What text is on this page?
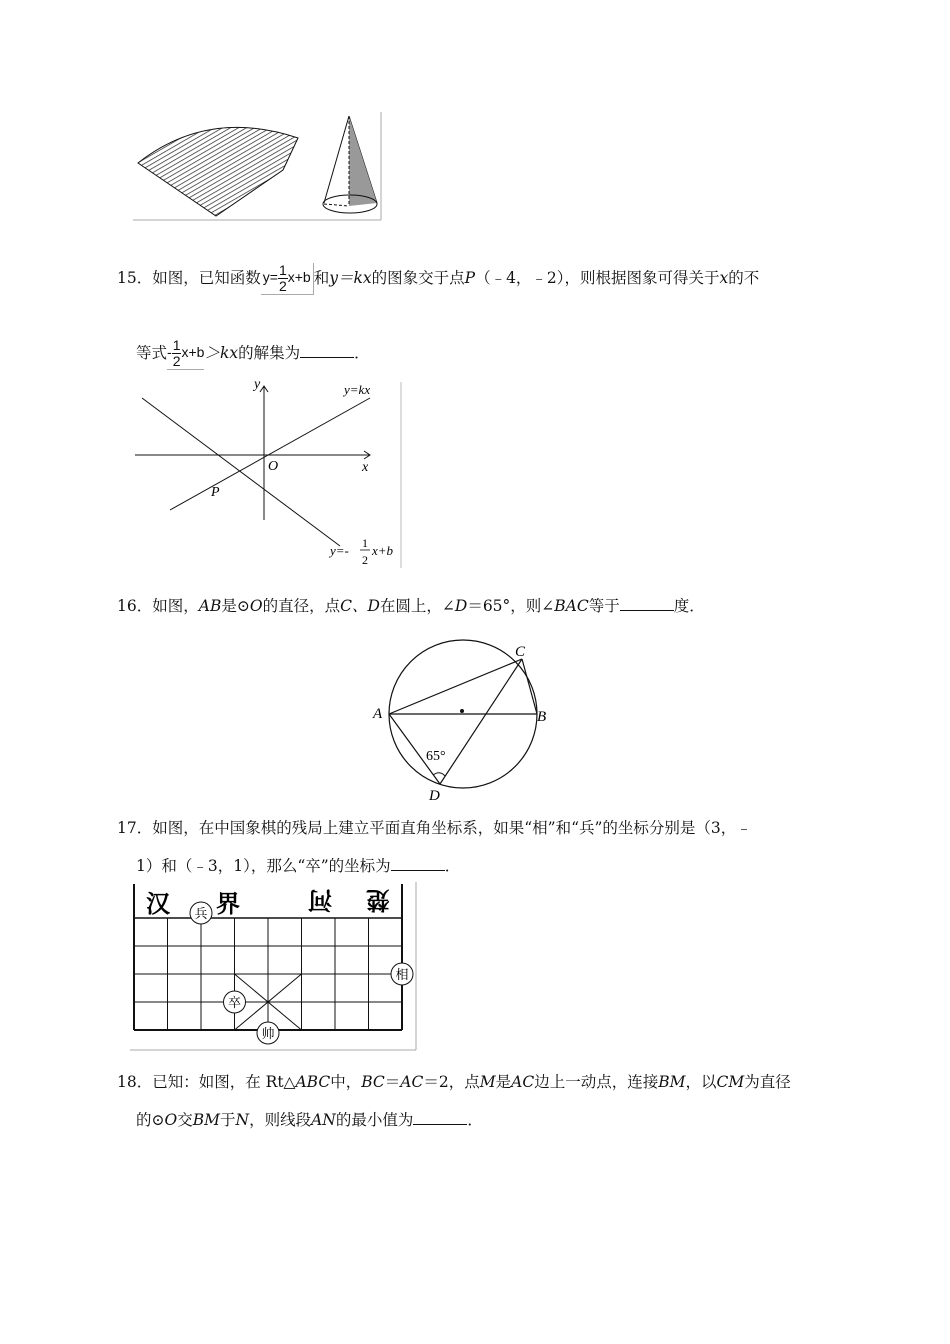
15．如图，已知函数 $y= \frac{1}{2} x+b$ 和y＝kx的图象交于点P（﹣4，﹣2），则根据图象可得关于x的不
等式- $\frac{1}{2} x+b>kx$的解集为	．
y
x
O
P
y=kx
y=- 1
2
x+b
16．如图，AB是⊙O的直径，点C、D在圆上，∠D＝65°，则∠BAC等于	度．
A	B
C
D
65°
17．如图，在中国象棋的残局上建立平面直角坐标系，如果“相”和“兵”的坐标分别是（3，﹣
1）和（﹣3，1），那么“卒”的坐标为	．
汉 界	河 楚
兵
相
卒
帅
18．已知：如图，在 Rt△ABC中，BC＝AC＝2，点M是AC边上一动点，连接BM，以CM为直径
的⊙O交BM于N，则线段AN的最小值为	．
